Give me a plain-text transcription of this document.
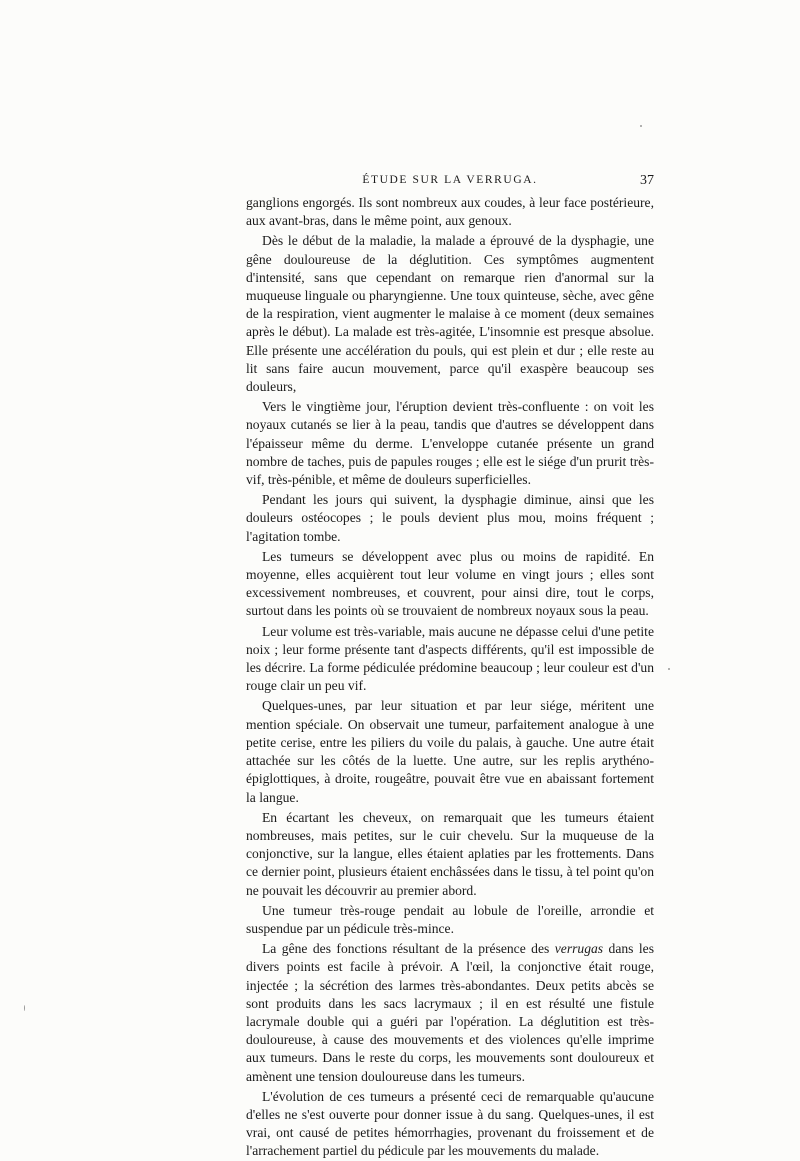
ÉTUDE SUR LA VERRUGA.	37

ganglions engorgés. Ils sont nombreux aux coudes, à leur face postérieure, aux avant-bras, dans le même point, aux genoux.

Dès le début de la maladie, la malade a éprouvé de la dysphagie, une gêne douloureuse de la déglutition. Ces symptômes augmentent d'intensité, sans que cependant on remarque rien d'anormal sur la muqueuse linguale ou pharyngienne. Une toux quinteuse, sèche, avec gêne de la respiration, vient augmenter le malaise à ce moment (deux semaines après le début). La malade est très-agitée, L'insomnie est presque absolue. Elle présente une accélération du pouls, qui est plein et dur ; elle reste au lit sans faire aucun mouvement, parce qu'il exaspère beaucoup ses douleurs,

Vers le vingtième jour, l'éruption devient très-confluente : on voit les noyaux cutanés se lier à la peau, tandis que d'autres se développent dans l'épaisseur même du derme. L'enveloppe cutanée présente un grand nombre de taches, puis de papules rouges ; elle est le siége d'un prurit très-vif, très-pénible, et même de douleurs superficielles.

Pendant les jours qui suivent, la dysphagie diminue, ainsi que les douleurs ostéocopes ; le pouls devient plus mou, moins fréquent ; l'agitation tombe.

Les tumeurs se développent avec plus ou moins de rapidité. En moyenne, elles acquièrent tout leur volume en vingt jours ; elles sont excessivement nombreuses, et couvrent, pour ainsi dire, tout le corps, surtout dans les points où se trouvaient de nombreux noyaux sous la peau.

Leur volume est très-variable, mais aucune ne dépasse celui d'une petite noix ; leur forme présente tant d'aspects différents, qu'il est impossible de les décrire. La forme pédiculée prédomine beaucoup ; leur couleur est d'un rouge clair un peu vif.

Quelques-unes, par leur situation et par leur siége, méritent une mention spéciale. On observait une tumeur, parfaitement analogue à une petite cerise, entre les piliers du voile du palais, à gauche. Une autre était attachée sur les côtés de la luette. Une autre, sur les replis arythéno-épiglottiques, à droite, rougeâtre, pouvait être vue en abaissant fortement la langue.

En écartant les cheveux, on remarquait que les tumeurs étaient nombreuses, mais petites, sur le cuir chevelu. Sur la muqueuse de la conjonctive, sur la langue, elles étaient aplaties par les frottements. Dans ce dernier point, plusieurs étaient enchâssées dans le tissu, à tel point qu'on ne pouvait les découvrir au premier abord.

Une tumeur très-rouge pendait au lobule de l'oreille, arrondie et suspendue par un pédicule très-mince.

La gêne des fonctions résultant de la présence des verrugas dans les divers points est facile à prévoir. A l'œil, la conjonctive était rouge, injectée ; la sécrétion des larmes très-abondantes. Deux petits abcès se sont produits dans les sacs lacrymaux ; il en est résulté une fistule lacrymale double qui a guéri par l'opération. La déglutition est très-douloureuse, à cause des mouvements et des violences qu'elle imprime aux tumeurs. Dans le reste du corps, les mouvements sont douloureux et amènent une tension douloureuse dans les tumeurs.

L'évolution de ces tumeurs a présenté ceci de remarquable qu'aucune d'elles ne s'est ouverte pour donner issue à du sang. Quelques-unes, il est vrai, ont causé de petites hémorrhagies, provenant du froissement et de l'arrachement partiel du pédicule par les mouvements du malade.
